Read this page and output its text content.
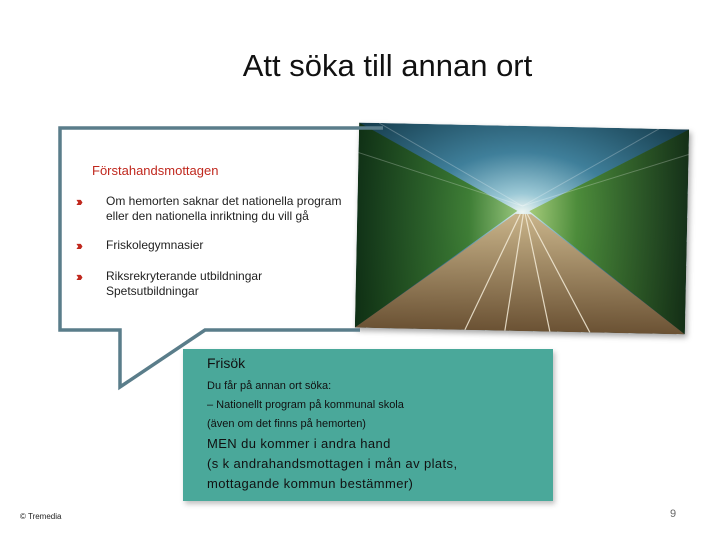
Att söka till annan ort
Förstahandsmottagen
››› Om hemorten saknar det nationella program
eller den nationella inriktning du vill gå
››› Friskolegymnasier
››› Riksrekryterande utbildningar
Spetsutbildningar
Frisök
Du får på annan ort söka:
– Nationellt program på kommunal skola
(även om det finns på hemorten)
MEN du kommer i andra hand
(s k andrahandsmottagen i mån av plats,
mottagande kommun bestämmer)
© Tremedia	9
